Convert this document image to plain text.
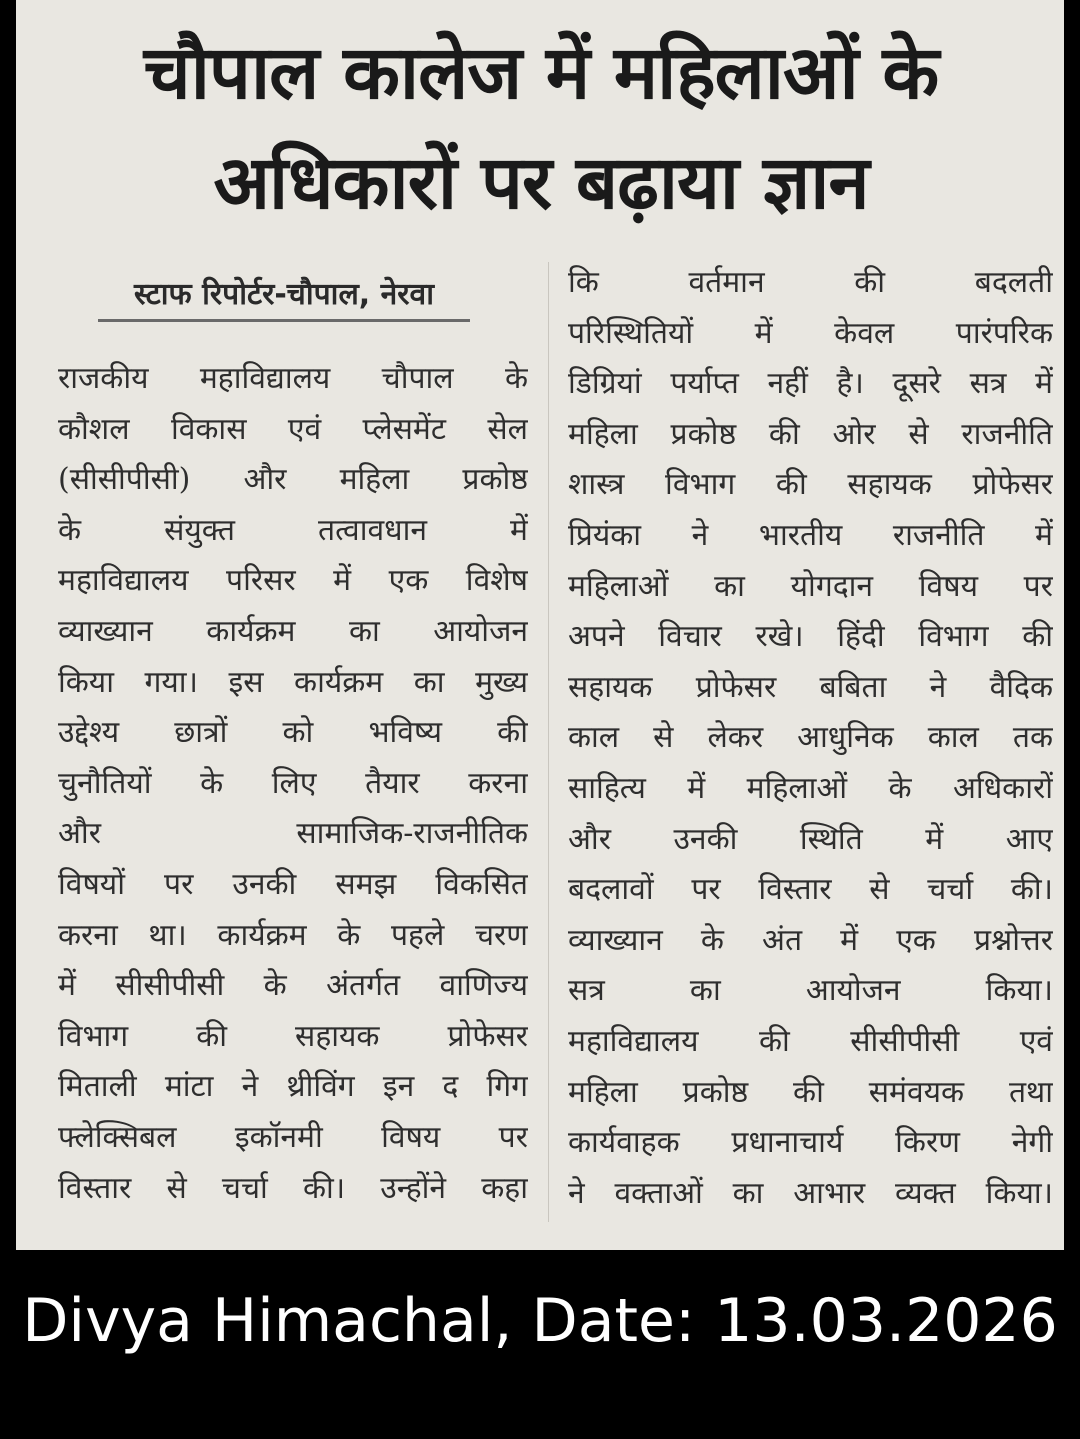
चौपाल कालेज में महिलाओं के अधिकारों पर बढ़ाया ज्ञान
स्टाफ रिपोर्टर-चौपाल, नेरवा
राजकीय महाविद्यालय चौपाल के
कौशल विकास एवं प्लेसमेंट सेल
(सीसीपीसी) और महिला प्रकोष्ठ
के संयुक्त तत्वावधान में
महाविद्यालय परिसर में एक विशेष
व्याख्यान कार्यक्रम का आयोजन
किया गया। इस कार्यक्रम का मुख्य
उद्देश्य छात्रों को भविष्य की
चुनौतियों के लिए तैयार करना
और सामाजिक-राजनीतिक
विषयों पर उनकी समझ विकसित
करना था। कार्यक्रम के पहले चरण
में सीसीपीसी के अंतर्गत वाणिज्य
विभाग की सहायक प्रोफेसर
मिताली मांटा ने थ्रीविंग इन द गिग
फ्लेक्सिबल इकॉनमी विषय पर
विस्तार से चर्चा की। उन्होंने कहा
कि वर्तमान की बदलती
परिस्थितियों में केवल पारंपरिक
डिग्रियां पर्याप्त नहीं है। दूसरे सत्र में
महिला प्रकोष्ठ की ओर से राजनीति
शास्त्र विभाग की सहायक प्रोफेसर
प्रियंका ने भारतीय राजनीति में
महिलाओं का योगदान विषय पर
अपने विचार रखे। हिंदी विभाग की
सहायक प्रोफेसर बबिता ने वैदिक
काल से लेकर आधुनिक काल तक
साहित्य में महिलाओं के अधिकारों
और उनकी स्थिति में आए
बदलावों पर विस्तार से चर्चा की।
व्याख्यान के अंत में एक प्रश्नोत्तर
सत्र का आयोजन किया।
महाविद्यालय की सीसीपीसी एवं
महिला प्रकोष्ठ की समंवयक तथा
कार्यवाहक प्रधानाचार्य किरण नेगी
ने वक्ताओं का आभार व्यक्त किया।
Divya Himachal, Date: 13.03.2026
